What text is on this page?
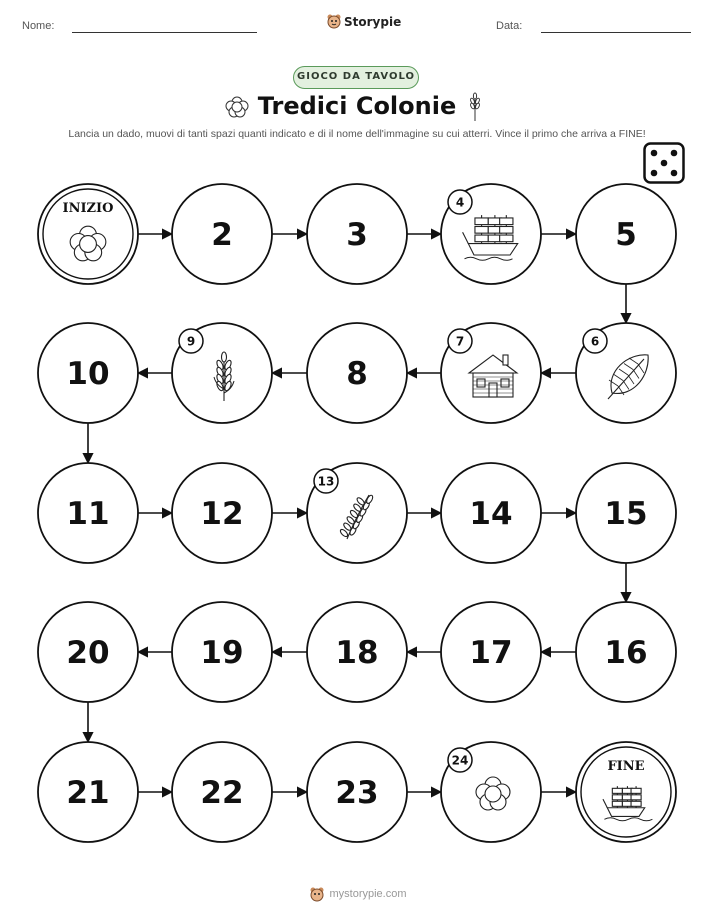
Nome:	Storypie	Data:
GIOCO DA TAVOLO
Tredici Colonie
Lancia un dado, muovi di tanti spazi quanti indicato e di il nome dell'immagine su cui atterri. Vince il primo che arriva a FINE!
INIZIO
2	3
4
5
6
7
8
9
10
11	12
13
14	15
16
17
18
19
20
21	22	23
24	FINE
mystorypie.com
